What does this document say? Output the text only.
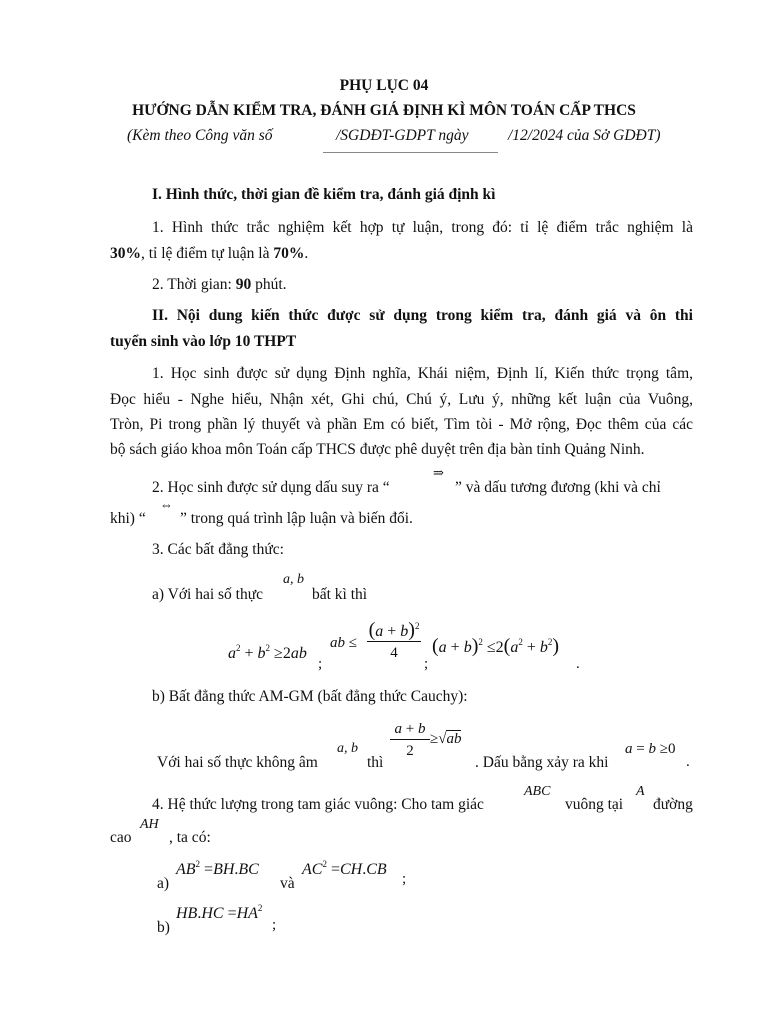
PHỤ LỤC 04
HƯỚNG DẪN KIỂM TRA, ĐÁNH GIÁ ĐỊNH KÌ MÔN TOÁN CẤP THCS
(Kèm theo Công văn số	/SGDĐT-GDPT ngày	/12/2024 của Sở GDĐT)
I. Hình thức, thời gian đề kiểm tra, đánh giá định kì
1. Hình thức trắc nghiệm kết hợp tự luận, trong đó: tỉ lệ điểm trắc nghiệm là
30%, tỉ lệ điểm tự luận là 70%.
2. Thời gian: 90 phút.
II. Nội dung kiến thức được sử dụng trong kiểm tra, đánh giá và ôn thi
tuyển sinh vào lớp 10 THPT
1. Học sinh được sử dụng Định nghĩa, Khái niệm, Định lí, Kiến thức trọng tâm,
Đọc hiểu - Nghe hiểu, Nhận xét, Ghi chú, Chú ý, Lưu ý, những kết luận của Vuông,
Tròn, Pi trong phần lý thuyết và phần Em có biết, Tìm tòi - Mở rộng, Đọc thêm của các
bộ sách giáo khoa môn Toán cấp THCS được phê duyệt trên địa bàn tỉnh Quảng Ninh.
2. Học sinh được sử dụng dấu suy ra “
⇒
” và dấu tương đương (khi và chỉ
khi) “
⇔
” trong quá trình lập luận và biến đổi.
3. Các bất đẳng thức:
a, b
a) Với hai số thực	bất kì thì
$a^2 + b^2 \ge 2ab$
;
ab ≤
$(a + b)^2$
4
;
$(a + b)^2 \le 2(a^2 + b^2)$
.
b) Bất đẳng thức AM-GM (bất đẳng thức Cauchy):
Với hai số thực không âm
a, b
thì
a + b
2
≥√ab
. Dấu bằng xảy ra khi
a = b ≥0
.
4. Hệ thức lượng trong tam giác vuông: Cho tam giác
ABC
vuông tại
A
đường
cao
AH
, ta có:
a)
$AB^2 =BH.BC$
và
$AC^2 =CH.CB$
;
b)
$HB.HC =HA^2$
;
